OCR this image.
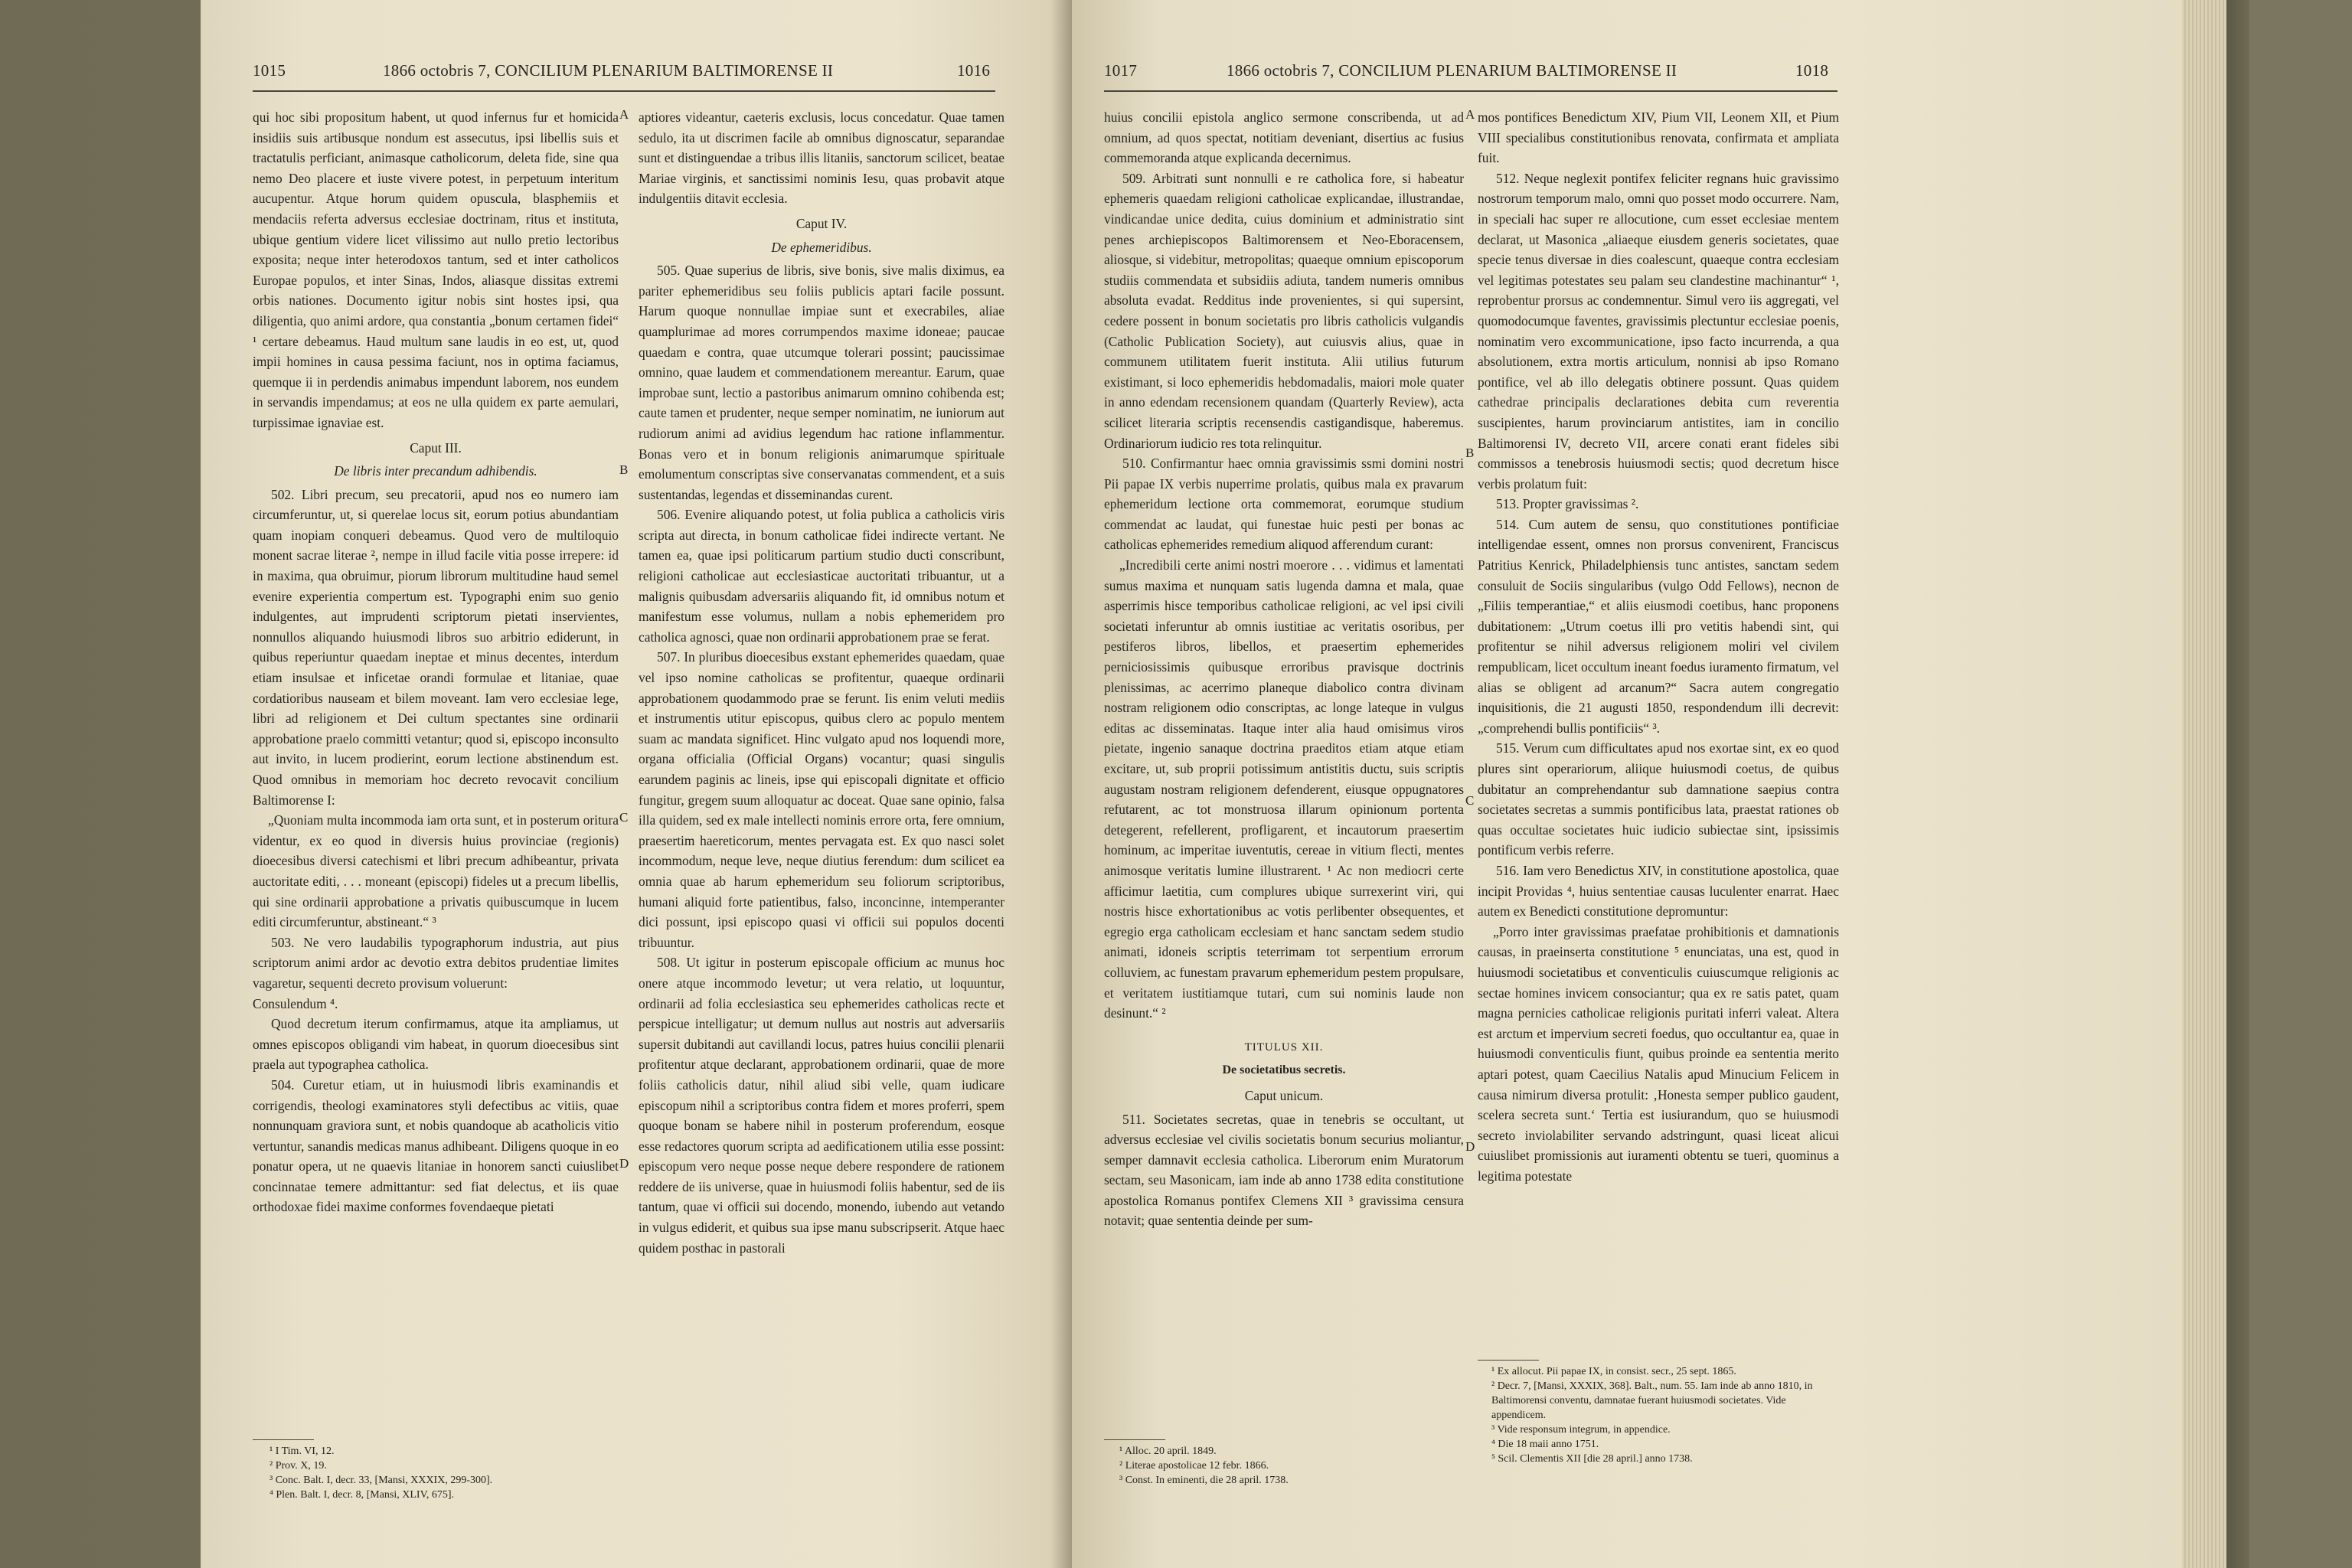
1015	1866 octobris 7, CONCILIUM PLENARIUM BALTIMORENSE II	1016

qui hoc sibi propositum habent, ut quod infernus fur et homicida insidiis suis artibusque nondum est assecutus, ipsi libellis suis et tractatulis perficiant, animasque catholicorum, deleta fide, sine qua nemo Deo placere et iuste vivere potest, in perpetuum interitum aucupentur. Atque horum quidem opuscula, blasphemiis et mendaciis referta adversus ecclesiae doctrinam, ritus et instituta, ubique gentium videre licet vilissimo aut nullo pretio lectoribus exposita; neque inter heterodoxos tantum, sed et inter catholicos Europae populos, et inter Sinas, Indos, aliasque dissitas extremi orbis nationes. Documento igitur nobis sint hostes ipsi, qua diligentia, quo animi ardore, qua constantia „bonum certamen fidei“ ¹ certare debeamus. Haud multum sane laudis in eo est, ut, quod impii homines in causa pessima faciunt, nos in optima faciamus, quemque ii in perdendis animabus impendunt laborem, nos eundem in servandis impendamus; at eos ne ulla quidem ex parte aemulari, turpissimae ignaviae est.

Caput III.

De libris inter precandum adhibendis.

502. Libri precum, seu precatorii, apud nos eo numero iam circumferuntur, ut, si querelae locus sit, eorum potius abundantiam quam inopiam conqueri debeamus. Quod vero de multiloquio monent sacrae literae ², nempe in illud facile vitia posse irrepere: id in maxima, qua obruimur, piorum librorum multitudine haud semel evenire experientia compertum est. Typographi enim suo genio indulgentes, aut imprudenti scriptorum pietati inservientes, nonnullos aliquando huiusmodi libros suo arbitrio ediderunt, in quibus reperiuntur quaedam ineptae et minus decentes, interdum etiam insulsae et inficetae orandi formulae et litaniae, quae cordatioribus nauseam et bilem moveant. Iam vero ecclesiae lege, libri ad religionem et Dei cultum spectantes sine ordinarii approbatione praelo committi vetantur; quod si, episcopo inconsulto aut invito, in lucem prodierint, eorum lectione abstinendum est. Quod omnibus in memoriam hoc decreto revocavit concilium Baltimorense I:

„Quoniam multa incommoda iam orta sunt, et in posterum oritura videntur, ex eo quod in diversis huius provinciae (regionis) dioecesibus diversi catechismi et libri precum adhibeantur, privata auctoritate editi, . . . moneant (episcopi) fideles ut a precum libellis, qui sine ordinarii approbatione a privatis quibuscumque in lucem editi circumferuntur, abstineant.“ ³

503. Ne vero laudabilis typographorum industria, aut pius scriptorum animi ardor ac devotio extra debitos prudentiae limites vagaretur, sequenti decreto provisum voluerunt:

Consulendum ⁴.

Quod decretum iterum confirmamus, atque ita ampliamus, ut omnes episcopos obligandi vim habeat, in quorum dioecesibus sint praela aut typographea catholica.

504. Curetur etiam, ut in huiusmodi libris examinandis et corrigendis, theologi examinatores styli defectibus ac vitiis, quae nonnunquam graviora sunt, et nobis quandoque ab acatholicis vitio vertuntur, sanandis medicas manus adhibeant. Diligens quoque in eo ponatur opera, ut ne quaevis litaniae in honorem sancti cuiuslibet concinnatae temere admittantur: sed fiat delectus, et iis quae orthodoxae fidei maxime conformes fovendaeque pietati

aptiores videantur, caeteris exclusis, locus concedatur. Quae tamen sedulo, ita ut discrimen facile ab omnibus dignoscatur, separandae sunt et distinguendae a tribus illis litaniis, sanctorum scilicet, beatae Mariae virginis, et sanctissimi nominis Iesu, quas probavit atque indulgentiis ditavit ecclesia.

Caput IV.

De ephemeridibus.

505. Quae superius de libris, sive bonis, sive malis diximus, ea pariter ephemeridibus seu foliis publicis aptari facile possunt. Harum quoque nonnullae impiae sunt et execrabiles, aliae quamplurimae ad mores corrumpendos maxime idoneae; paucae quaedam e contra, quae utcumque tolerari possint; paucissimae omnino, quae laudem et commendationem mereantur. Earum, quae improbae sunt, lectio a pastoribus animarum omnino cohibenda est; caute tamen et prudenter, neque semper nominatim, ne iuniorum aut rudiorum animi ad avidius legendum hac ratione inflammentur. Bonas vero et in bonum religionis animarumque spirituale emolumentum conscriptas sive conservanatas commendent, et a suis sustentandas, legendas et disseminandas curent.

506. Evenire aliquando potest, ut folia publica a catholicis viris scripta aut directa, in bonum catholicae fidei indirecte vertant. Ne tamen ea, quae ipsi politicarum partium studio ducti conscribunt, religioni catholicae aut ecclesiasticae auctoritati tribuantur, ut a malignis quibusdam adversariis aliquando fit, id omnibus notum et manifestum esse volumus, nullam a nobis ephemeridem pro catholica agnosci, quae non ordinarii approbationem prae se ferat.

507. In pluribus dioecesibus exstant ephemerides quaedam, quae vel ipso nomine catholicas se profitentur, quaeque ordinarii approbationem quodammodo prae se ferunt. Iis enim veluti mediis et instrumentis utitur episcopus, quibus clero ac populo mentem suam ac mandata significet. Hinc vulgato apud nos loquendi more, organa officialia (Official Organs) vocantur; quasi singulis earundem paginis ac lineis, ipse qui episcopali dignitate et officio fungitur, gregem suum alloquatur ac doceat. Quae sane opinio, falsa illa quidem, sed ex male intellecti nominis errore orta, fere omnium, praesertim haereticorum, mentes pervagata est. Ex quo nasci solet incommodum, neque leve, neque diutius ferendum: dum scilicet ea omnia quae ab harum ephemeridum seu foliorum scriptoribus, humani aliquid forte patientibus, falso, inconcinne, intemperanter dici possunt, ipsi episcopo quasi vi officii sui populos docenti tribuuntur.

508. Ut igitur in posterum episcopale officium ac munus hoc onere atque incommodo levetur; ut vera relatio, ut loquuntur, ordinarii ad folia ecclesiastica seu ephemerides catholicas recte et perspicue intelligatur; ut demum nullus aut nostris aut adversariis supersit dubitandi aut cavillandi locus, patres huius concilii plenarii profitentur atque declarant, approbationem ordinarii, quae de more foliis catholicis datur, nihil aliud sibi velle, quam iudicare episcopum nihil a scriptoribus contra fidem et mores proferri, spem quoque bonam se habere nihil in posterum proferendum, eosque esse redactores quorum scripta ad aedificationem utilia esse possint: episcopum vero neque posse neque debere respondere de rationem reddere de iis universe, quae in huiusmodi foliis habentur, sed de iis tantum, quae vi officii sui docendo, monendo, iubendo aut vetando in vulgus ediderit, et quibus sua ipse manu subscripserit. Atque haec quidem posthac in pastorali

A
B
C
D
¹ I Tim. VI, 12.
² Prov. X, 19.
³ Conc. Balt. I, decr. 33, [Mansi, XXXIX, 299-300].
⁴ Plen. Balt. I, decr. 8, [Mansi, XLIV, 675].
1017	1866 octobris 7, CONCILIUM PLENARIUM BALTIMORENSE II	1018

huius concilii epistola anglico sermone conscribenda, ut ad omnium, ad quos spectat, notitiam deveniant, disertius ac fusius commemoranda atque explicanda decernimus.

509. Arbitrati sunt nonnulli e re catholica fore, si habeatur ephemeris quaedam religioni catholicae explicandae, illustrandae, vindicandae unice dedita, cuius dominium et administratio sint penes archiepiscopos Baltimorensem et Neo-Eboracensem, aliosque, si videbitur, metropolitas; quaeque omnium episcoporum studiis commendata et subsidiis adiuta, tandem numeris omnibus absoluta evadat. Redditus inde provenientes, si qui supersint, cedere possent in bonum societatis pro libris catholicis vulgandis (Catholic Publication Society), aut cuiusvis alius, quae in communem utilitatem fuerit instituta. Alii utilius futurum existimant, si loco ephemeridis hebdomadalis, maiori mole quater in anno edendam recensionem quandam (Quarterly Review), acta scilicet literaria scriptis recensendis castigandisque, haberemus. Ordinariorum iudicio res tota relinquitur.

510. Confirmantur haec omnia gravissimis ssmi domini nostri Pii papae IX verbis nuperrime prolatis, quibus mala ex pravarum ephemeridum lectione orta commemorat, eorumque studium commendat ac laudat, qui funestae huic pesti per bonas ac catholicas ephemerides remedium aliquod afferendum curant:

„Incredibili certe animi nostri moerore . . . vidimus et lamentati sumus maxima et nunquam satis lugenda damna et mala, quae asperrimis hisce temporibus catholicae religioni, ac vel ipsi civili societati inferuntur ab omnis iustitiae ac veritatis osoribus, per pestiferos libros, libellos, et praesertim ephemerides perniciosissimis quibusque erroribus pravisque doctrinis plenissimas, ac acerrimo planeque diabolico contra divinam nostram religionem odio conscriptas, ac longe lateque in vulgus editas ac disseminatas. Itaque inter alia haud omisimus viros pietate, ingenio sanaque doctrina praeditos etiam atque etiam excitare, ut, sub proprii potissimum antistitis ductu, suis scriptis augustam nostram religionem defenderent, eiusque oppugnatores refutarent, ac tot monstruosa illarum opinionum portenta detegerent, refellerent, profligarent, et incautorum praesertim hominum, ac imperitae iuventutis, cereae in vitium flecti, mentes animosque veritatis lumine illustrarent. ¹ Ac non mediocri certe afficimur laetitia, cum complures ubique surrexerint viri, qui nostris hisce exhortationibus ac votis perlibenter obsequentes, et egregio erga catholicam ecclesiam et hanc sanctam sedem studio animati, idoneis scriptis teterrimam tot serpentium errorum colluviem, ac funestam pravarum ephemeridum pestem propulsare, et veritatem iustitiamque tutari, cum sui nominis laude non desinunt.“ ²

TITULUS XII.

De societatibus secretis.

Caput unicum.

511. Societates secretas, quae in tenebris se occultant, ut adversus ecclesiae vel civilis societatis bonum securius moliantur, semper damnavit ecclesia catholica. Liberorum enim Muratorum sectam, seu Masonicam, iam inde ab anno 1738 edita constitutione apostolica Romanus pontifex Clemens XII ³ gravissima censura notavit; quae sententia deinde per sum-

mos pontifices Benedictum XIV, Pium VII, Leonem XII, et Pium VIII specialibus constitutionibus renovata, confirmata et ampliata fuit.

512. Neque neglexit pontifex feliciter regnans huic gravissimo nostrorum temporum malo, omni quo posset modo occurrere. Nam, in speciali hac super re allocutione, cum esset ecclesiae mentem declarat, ut Masonica „aliaeque eiusdem generis societates, quae specie tenus diversae in dies coalescunt, quaeque contra ecclesiam vel legitimas potestates seu palam seu clandestine machinantur“ ¹, reprobentur prorsus ac condemnentur. Simul vero iis aggregati, vel quomodocumque faventes, gravissimis plectuntur ecclesiae poenis, nominatim vero excommunicatione, ipso facto incurrenda, a qua absolutionem, extra mortis articulum, nonnisi ab ipso Romano pontifice, vel ab illo delegatis obtinere possunt. Quas quidem cathedrae principalis declarationes debita cum reverentia suscipientes, harum provinciarum antistites, iam in concilio Baltimorensi IV, decreto VII, arcere conati erant fideles sibi commissos a tenebrosis huiusmodi sectis; quod decretum hisce verbis prolatum fuit:

513. Propter gravissimas ².

514. Cum autem de sensu, quo constitutiones pontificiae intelligendae essent, omnes non prorsus convenirent, Franciscus Patritius Kenrick, Philadelphiensis tunc antistes, sanctam sedem consuluit de Sociis singularibus (vulgo Odd Fellows), necnon de „Filiis temperantiae,“ et aliis eiusmodi coetibus, hanc proponens dubitationem: „Utrum coetus illi pro vetitis habendi sint, qui profitentur se nihil adversus religionem moliri vel civilem rempublicam, licet occultum ineant foedus iuramento firmatum, vel alias se obligent ad arcanum?“ Sacra autem congregatio inquisitionis, die 21 augusti 1850, respondendum illi decrevit: „comprehendi bullis pontificiis“ ³.

515. Verum cum difficultates apud nos exortae sint, ex eo quod plures sint operariorum, aliique huiusmodi coetus, de quibus dubitatur an comprehendantur sub damnatione saepius contra societates secretas a summis pontificibus lata, praestat rationes ob quas occultae societates huic iudicio subiectae sint, ipsissimis pontificum verbis referre.

516. Iam vero Benedictus XIV, in constitutione apostolica, quae incipit Providas ⁴, huius sententiae causas luculenter enarrat. Haec autem ex Benedicti constitutione depromuntur:

„Porro inter gravissimas praefatae prohibitionis et damnationis causas, in praeinserta constitutione ⁵ enunciatas, una est, quod in huiusmodi societatibus et conventiculis cuiuscumque religionis ac sectae homines invicem consociantur; qua ex re satis patet, quam magna pernicies catholicae religionis puritati inferri valeat. Altera est arctum et impervium secreti foedus, quo occultantur ea, quae in huiusmodi conventiculis fiunt, quibus proinde ea sententia merito aptari potest, quam Caecilius Natalis apud Minucium Felicem in causa nimirum diversa protulit: ‚Honesta semper publico gaudent, scelera secreta sunt.‘ Tertia est iusiurandum, quo se huiusmodi secreto inviolabiliter servando adstringunt, quasi liceat alicui cuiuslibet promissionis aut iuramenti obtentu se tueri, quominus a legitima potestate

A
B
C
D
¹ Alloc. 20 april. 1849.
² Literae apostolicae 12 febr. 1866.
³ Const. In eminenti, die 28 april. 1738.
¹ Ex allocut. Pii papae IX, in consist. secr., 25 sept. 1865.
² Decr. 7, [Mansi, XXXIX, 368]. Balt., num. 55. Iam inde ab anno 1810, in Baltimorensi conventu, damnatae fuerant huiusmodi societates. Vide appendicem.
³ Vide responsum integrum, in appendice.
⁴ Die 18 maii anno 1751.
⁵ Scil. Clementis XII [die 28 april.] anno 1738.
